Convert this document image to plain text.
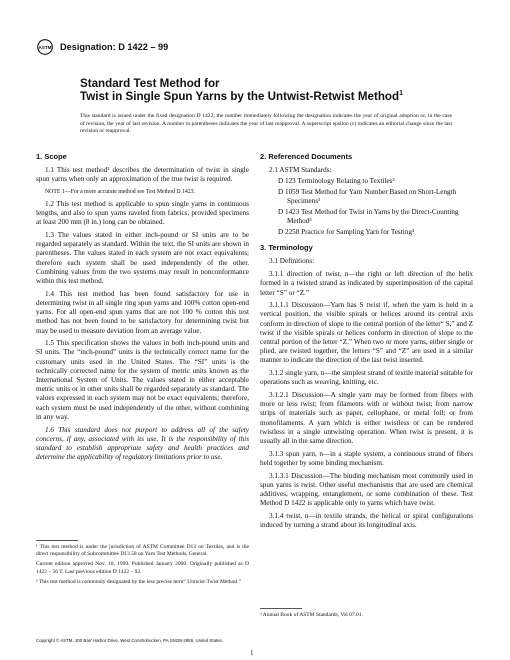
ASTM Designation: D 1422 – 99
Standard Test Method for
Twist in Single Spun Yarns by the Untwist-Retwist Method$^1$
This standard is issued under the fixed designation D 1422; the number immediately following the designation indicates the year of original adoption or, in the case of revision, the year of last revision. A number in parentheses indicates the year of last reapproval. A superscript epsilon (ε) indicates an editorial change since the last revision or reapproval.
1. Scope

1.1 This test method² describes the determination of twist in single spun yarns when only an approximation of the true twist is required.

NOTE 1—For a more accurate method see Test Method D 1423.

1.2 This test method is applicable to spun single yarns in continuous lengths, and also to spun yarns raveled from fabrics, provided specimens at least 200 mm (8 in.) long can be obtained.

1.3 The values stated in either inch-pound or SI units are to be regarded separately as standard. Within the text, the SI units are shown in parentheses. The values stated in each system are not exact equivalents; therefore each system shall be used independently of the other. Combining values from the two systems may result in nonconformance within this test method.

1.4 This test method has been found satisfactory for use in determining twist in all single ring spun yarns and 100% cotton open-end yarns. For all open-end spun yarns that are not 100 % cotton this test method has not been found to be satisfactory for determining twist but may be used to measure deviation from an average value.

1.5 This specification shows the values in both inch-pound units and SI units. The “inch-pound” units is the technically correct name for the customary units used in the United States. The “SI” units is the technically corrected name for the system of metric units known as the International System of Units. The values stated in either acceptable metric units or in other units shall be regarded separately as standard. The values expressed in each system may not be exact equivalents; therefore, each system must be used independently of the other, without combining in any way.

1.6 This standard does not purport to address all of the safety concerns, if any, associated with its use. It is the responsibility of this standard to establish appropriate safety and health practices and determine the applicability of regulatory limitations prior to use.

2. Referenced Documents

2.1 ASTM Standards:

D 123 Terminology Relating to Textiles³
D 1059 Test Method for Yarn Number Based on Short-Length Specimens³
D 1423 Test Method for Twist in Yarns by the Direct-Counting Method³
D 2258 Practice for Sampling Yarn for Testing³
3. Terminology

3.1 Definitions:

3.1.1 direction of twist, n—the right or left direction of the helix formed in a twisted strand as indicated by superimposition of the capital letter “S” or “Z.”

3.1.1.1 Discussion—Yarn has S twist if, when the yarn is held in a vertical position, the visible spirals or helices around its central axis conform in direction of slope to the central portion of the letter“ S,” and Z twist if the visible spirals or helices conform in direction of slope to the central portion of the letter “Z.” When two or more yarns, either single or plied, are twisted together, the letters “S” and “Z” are used in a similar manner to indicate the direction of the last twist inserted.

3.1.2 single yarn, n—the simplest strand of textile material suitable for operations such as weaving, knitting, etc.

3.1.2.1 Discussion—A single yarn may be formed from fibers with more or less twist; from filaments with or without twist; from narrow strips of materials such as paper, cellophane, or metal foil; or from monofilaments. A yarn which is either twistless or can be rendered twistless in a single untwisting operation. When twist is present, it is usually all in the same direction.

3.1.3 spun yarn, n—in a staple system, a continuous strand of fibers held together by some binding mechanism.

3.1.3.1 Discussion—The binding mechanism most commonly used in spun yarns is twist. Other useful mechanisms that are used are chemical additives, wrapping, entanglement, or some combination of these. Test Method D 1422 is applicable only to yarns which have twist.

3.1.4 twist, n—in textile strands, the helical or spiral configurations induced by turning a strand about its longitudinal axis.

¹ This test method is under the jurisdiction of ASTM Committee D13 on Textiles, and is the direct responsibility of Subcommittee D13.58 on Yarn Test Methods, General.

Current edition approved Nov. 10, 1999. Published January 2000. Originally published as D 1422 – 56 T. Last previous edition D 1422 – 92.

² This test method is commonly designated by the less precise term“ Untwist-Twist Method.”

³ Annual Book of ASTM Standards, Vol 07.01.

Copyright © ASTM, 100 Barr Harbor Drive, West Conshohocken, PA 19428-2959, United States.
1
